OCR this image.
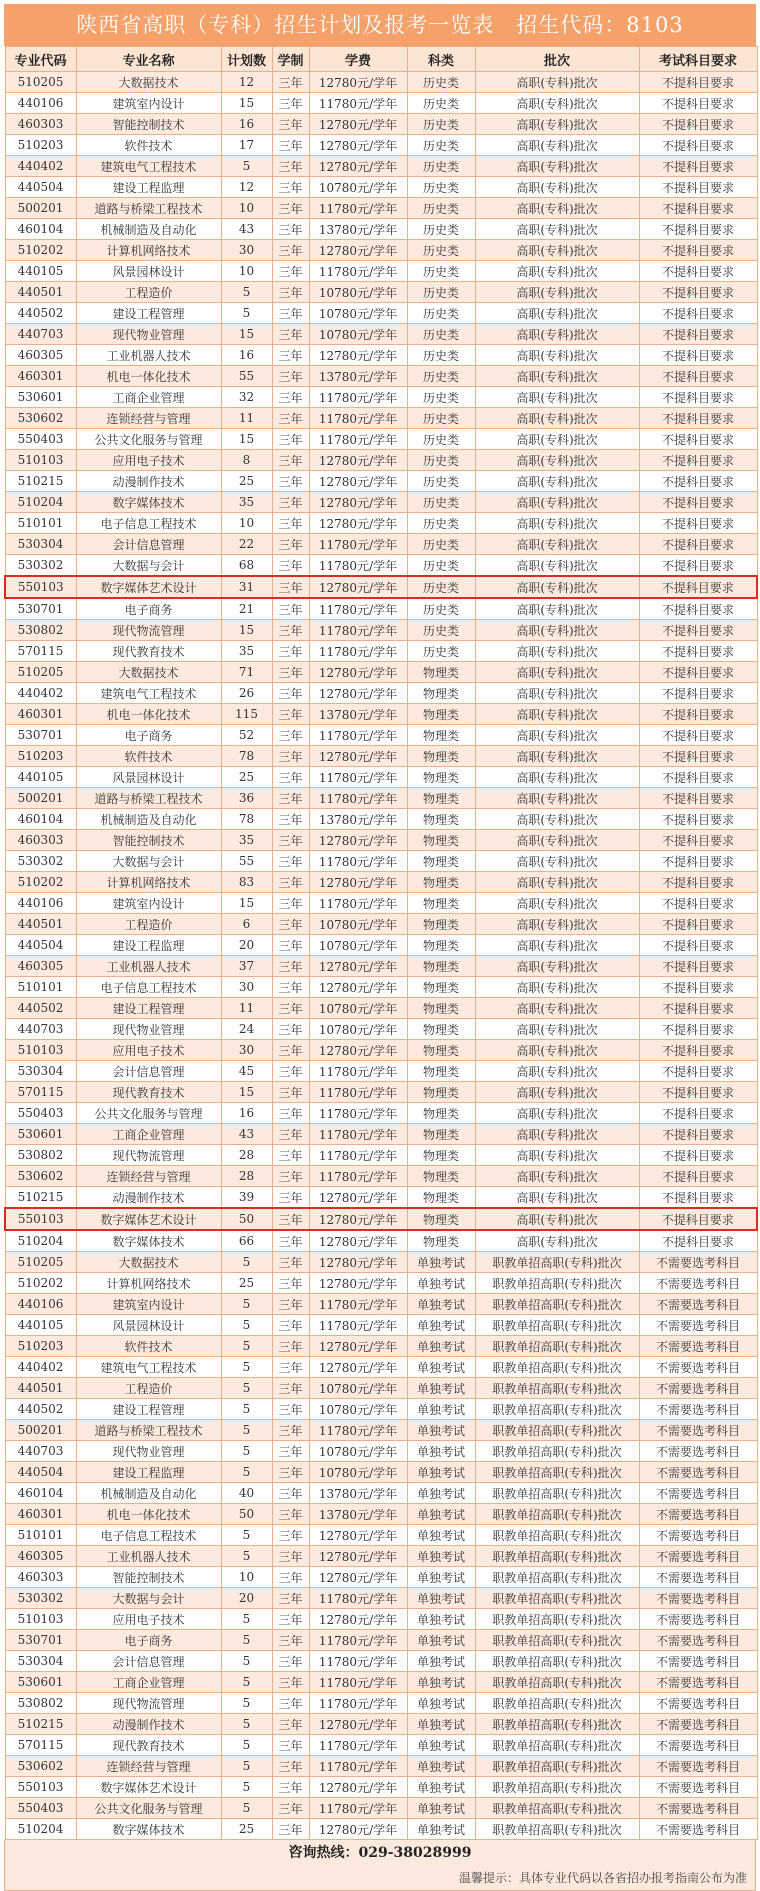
陕西省高职（专科）招生计划及报考一览表　招生代码：8103
专业代码	专业名称	计划数	学制	学费	科类	批次	考试科目要求
510205	大数据技术	12	三年	12780元/学年	历史类	高职(专科)批次	不提科目要求
440106	建筑室内设计	15	三年	11780元/学年	历史类	高职(专科)批次	不提科目要求
460303	智能控制技术	16	三年	12780元/学年	历史类	高职(专科)批次	不提科目要求
510203	软件技术	17	三年	12780元/学年	历史类	高职(专科)批次	不提科目要求
440402	建筑电气工程技术	5	三年	12780元/学年	历史类	高职(专科)批次	不提科目要求
440504	建设工程监理	12	三年	10780元/学年	历史类	高职(专科)批次	不提科目要求
500201	道路与桥梁工程技术	10	三年	11780元/学年	历史类	高职(专科)批次	不提科目要求
460104	机械制造及自动化	43	三年	13780元/学年	历史类	高职(专科)批次	不提科目要求
510202	计算机网络技术	30	三年	12780元/学年	历史类	高职(专科)批次	不提科目要求
440105	风景园林设计	10	三年	11780元/学年	历史类	高职(专科)批次	不提科目要求
440501	工程造价	5	三年	10780元/学年	历史类	高职(专科)批次	不提科目要求
440502	建设工程管理	5	三年	10780元/学年	历史类	高职(专科)批次	不提科目要求
440703	现代物业管理	15	三年	10780元/学年	历史类	高职(专科)批次	不提科目要求
460305	工业机器人技术	16	三年	12780元/学年	历史类	高职(专科)批次	不提科目要求
460301	机电一体化技术	55	三年	13780元/学年	历史类	高职(专科)批次	不提科目要求
530601	工商企业管理	32	三年	11780元/学年	历史类	高职(专科)批次	不提科目要求
530602	连锁经营与管理	11	三年	11780元/学年	历史类	高职(专科)批次	不提科目要求
550403	公共文化服务与管理	15	三年	11780元/学年	历史类	高职(专科)批次	不提科目要求
510103	应用电子技术	8	三年	12780元/学年	历史类	高职(专科)批次	不提科目要求
510215	动漫制作技术	25	三年	12780元/学年	历史类	高职(专科)批次	不提科目要求
510204	数字媒体技术	35	三年	12780元/学年	历史类	高职(专科)批次	不提科目要求
510101	电子信息工程技术	10	三年	12780元/学年	历史类	高职(专科)批次	不提科目要求
530304	会计信息管理	22	三年	11780元/学年	历史类	高职(专科)批次	不提科目要求
530302	大数据与会计	68	三年	11780元/学年	历史类	高职(专科)批次	不提科目要求
550103	数字媒体艺术设计	31	三年	12780元/学年	历史类	高职(专科)批次	不提科目要求
530701	电子商务	21	三年	11780元/学年	历史类	高职(专科)批次	不提科目要求
530802	现代物流管理	15	三年	11780元/学年	历史类	高职(专科)批次	不提科目要求
570115	现代教育技术	35	三年	11780元/学年	历史类	高职(专科)批次	不提科目要求
510205	大数据技术	71	三年	12780元/学年	物理类	高职(专科)批次	不提科目要求
440402	建筑电气工程技术	26	三年	12780元/学年	物理类	高职(专科)批次	不提科目要求
460301	机电一体化技术	115	三年	13780元/学年	物理类	高职(专科)批次	不提科目要求
530701	电子商务	52	三年	11780元/学年	物理类	高职(专科)批次	不提科目要求
510203	软件技术	78	三年	12780元/学年	物理类	高职(专科)批次	不提科目要求
440105	风景园林设计	25	三年	11780元/学年	物理类	高职(专科)批次	不提科目要求
500201	道路与桥梁工程技术	36	三年	11780元/学年	物理类	高职(专科)批次	不提科目要求
460104	机械制造及自动化	78	三年	13780元/学年	物理类	高职(专科)批次	不提科目要求
460303	智能控制技术	35	三年	12780元/学年	物理类	高职(专科)批次	不提科目要求
530302	大数据与会计	55	三年	11780元/学年	物理类	高职(专科)批次	不提科目要求
510202	计算机网络技术	83	三年	12780元/学年	物理类	高职(专科)批次	不提科目要求
440106	建筑室内设计	15	三年	11780元/学年	物理类	高职(专科)批次	不提科目要求
440501	工程造价	6	三年	10780元/学年	物理类	高职(专科)批次	不提科目要求
440504	建设工程监理	20	三年	10780元/学年	物理类	高职(专科)批次	不提科目要求
460305	工业机器人技术	37	三年	12780元/学年	物理类	高职(专科)批次	不提科目要求
510101	电子信息工程技术	30	三年	12780元/学年	物理类	高职(专科)批次	不提科目要求
440502	建设工程管理	11	三年	10780元/学年	物理类	高职(专科)批次	不提科目要求
440703	现代物业管理	24	三年	10780元/学年	物理类	高职(专科)批次	不提科目要求
510103	应用电子技术	30	三年	12780元/学年	物理类	高职(专科)批次	不提科目要求
530304	会计信息管理	45	三年	11780元/学年	物理类	高职(专科)批次	不提科目要求
570115	现代教育技术	15	三年	11780元/学年	物理类	高职(专科)批次	不提科目要求
550403	公共文化服务与管理	16	三年	11780元/学年	物理类	高职(专科)批次	不提科目要求
530601	工商企业管理	43	三年	11780元/学年	物理类	高职(专科)批次	不提科目要求
530802	现代物流管理	28	三年	11780元/学年	物理类	高职(专科)批次	不提科目要求
530602	连锁经营与管理	28	三年	11780元/学年	物理类	高职(专科)批次	不提科目要求
510215	动漫制作技术	39	三年	12780元/学年	物理类	高职(专科)批次	不提科目要求
550103	数字媒体艺术设计	50	三年	12780元/学年	物理类	高职(专科)批次	不提科目要求
510204	数字媒体技术	66	三年	12780元/学年	物理类	高职(专科)批次	不提科目要求
510205	大数据技术	5	三年	12780元/学年	单独考试	职教单招高职(专科)批次	不需要选考科目
510202	计算机网络技术	25	三年	12780元/学年	单独考试	职教单招高职(专科)批次	不需要选考科目
440106	建筑室内设计	5	三年	11780元/学年	单独考试	职教单招高职(专科)批次	不需要选考科目
440105	风景园林设计	5	三年	11780元/学年	单独考试	职教单招高职(专科)批次	不需要选考科目
510203	软件技术	5	三年	12780元/学年	单独考试	职教单招高职(专科)批次	不需要选考科目
440402	建筑电气工程技术	5	三年	12780元/学年	单独考试	职教单招高职(专科)批次	不需要选考科目
440501	工程造价	5	三年	10780元/学年	单独考试	职教单招高职(专科)批次	不需要选考科目
440502	建设工程管理	5	三年	10780元/学年	单独考试	职教单招高职(专科)批次	不需要选考科目
500201	道路与桥梁工程技术	5	三年	11780元/学年	单独考试	职教单招高职(专科)批次	不需要选考科目
440703	现代物业管理	5	三年	10780元/学年	单独考试	职教单招高职(专科)批次	不需要选考科目
440504	建设工程监理	5	三年	10780元/学年	单独考试	职教单招高职(专科)批次	不需要选考科目
460104	机械制造及自动化	40	三年	13780元/学年	单独考试	职教单招高职(专科)批次	不需要选考科目
460301	机电一体化技术	50	三年	13780元/学年	单独考试	职教单招高职(专科)批次	不需要选考科目
510101	电子信息工程技术	5	三年	12780元/学年	单独考试	职教单招高职(专科)批次	不需要选考科目
460305	工业机器人技术	5	三年	12780元/学年	单独考试	职教单招高职(专科)批次	不需要选考科目
460303	智能控制技术	10	三年	12780元/学年	单独考试	职教单招高职(专科)批次	不需要选考科目
530302	大数据与会计	20	三年	11780元/学年	单独考试	职教单招高职(专科)批次	不需要选考科目
510103	应用电子技术	5	三年	12780元/学年	单独考试	职教单招高职(专科)批次	不需要选考科目
530701	电子商务	5	三年	11780元/学年	单独考试	职教单招高职(专科)批次	不需要选考科目
530304	会计信息管理	5	三年	11780元/学年	单独考试	职教单招高职(专科)批次	不需要选考科目
530601	工商企业管理	5	三年	11780元/学年	单独考试	职教单招高职(专科)批次	不需要选考科目
530802	现代物流管理	5	三年	11780元/学年	单独考试	职教单招高职(专科)批次	不需要选考科目
510215	动漫制作技术	5	三年	12780元/学年	单独考试	职教单招高职(专科)批次	不需要选考科目
570115	现代教育技术	5	三年	11780元/学年	单独考试	职教单招高职(专科)批次	不需要选考科目
530602	连锁经营与管理	5	三年	11780元/学年	单独考试	职教单招高职(专科)批次	不需要选考科目
550103	数字媒体艺术设计	5	三年	12780元/学年	单独考试	职教单招高职(专科)批次	不需要选考科目
550403	公共文化服务与管理	5	三年	11780元/学年	单独考试	职教单招高职(专科)批次	不需要选考科目
510204	数字媒体技术	25	三年	12780元/学年	单独考试	职教单招高职(专科)批次	不需要选考科目
咨询热线：029-38028999
温馨提示：具体专业代码以各省招办报考指南公布为准
